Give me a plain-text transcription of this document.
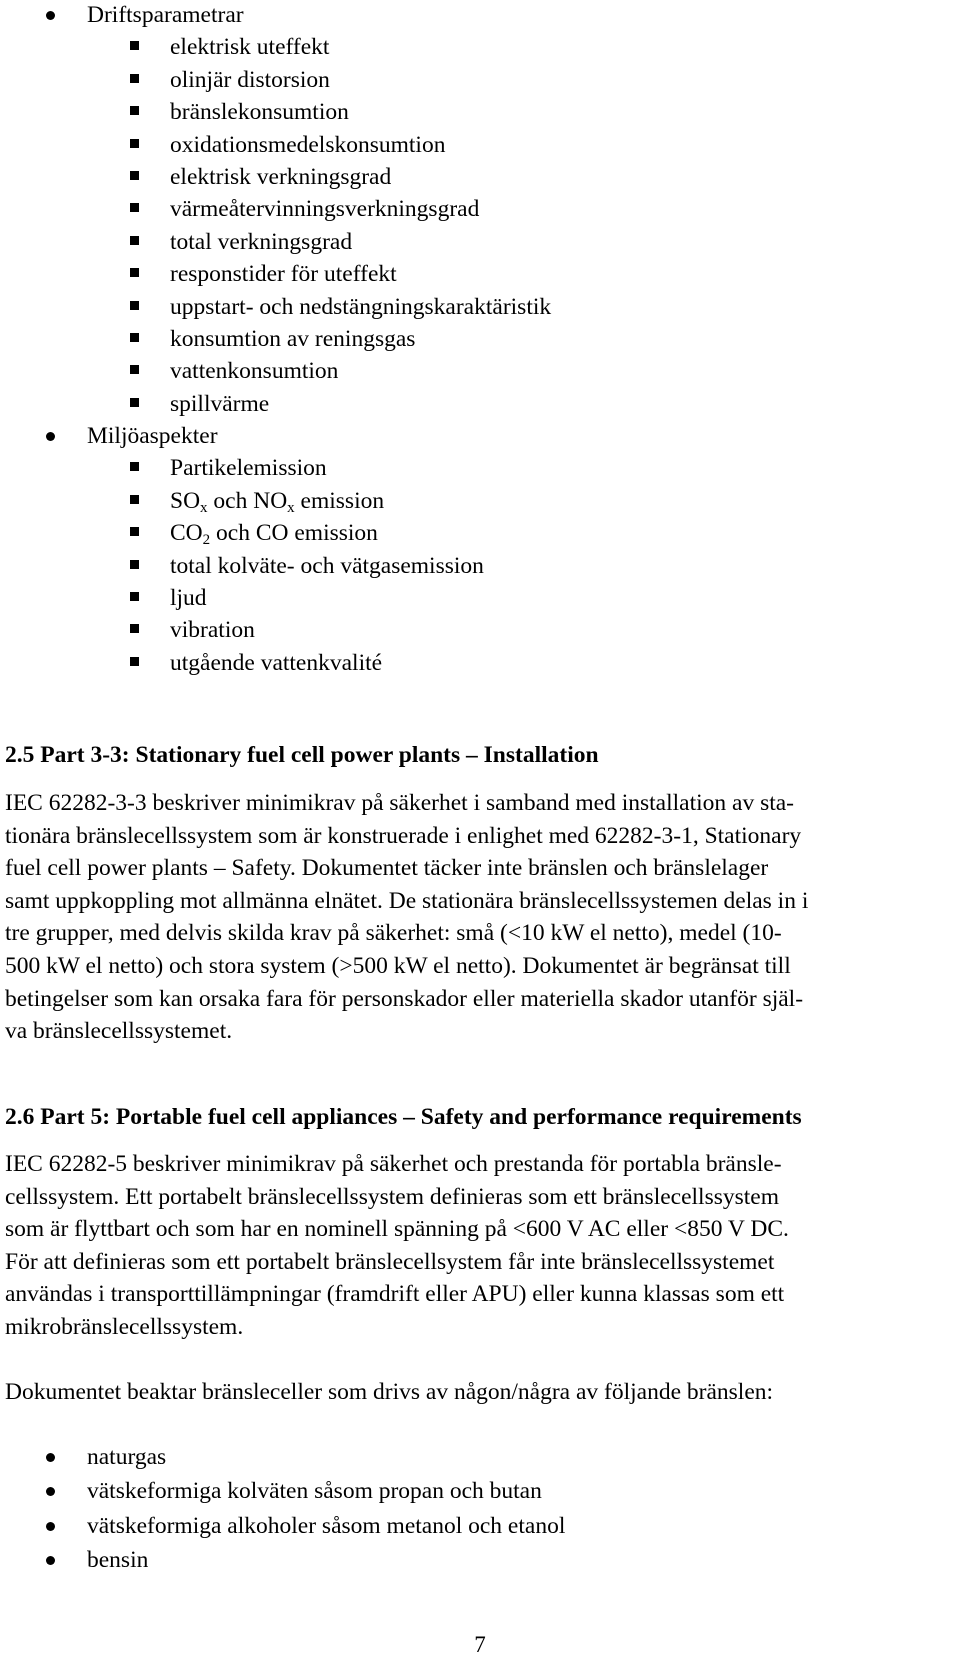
Driftsparametrar
elektrisk uteffekt
olinjär distorsion
bränslekonsumtion
oxidationsmedelskonsumtion
elektrisk verkningsgrad
värmeåtervinningsverkningsgrad
total verkningsgrad
responstider för uteffekt
uppstart- och nedstängningskaraktäristik
konsumtion av reningsgas
vattenkonsumtion
spillvärme
Miljöaspekter
Partikelemission
$SO_x$ och $NO_x$ emission
$CO_2$ och CO emission
total kolväte- och vätgasemission
ljud
vibration
utgående vattenkvalité
2.5 Part 3-3: Stationary fuel cell power plants – Installation
IEC 62282-3-3 beskriver minimikrav på säkerhet i samband med installation av sta-
tionära bränslecellssystem som är konstruerade i enlighet med 62282-3-1, Stationary
fuel cell power plants – Safety. Dokumentet täcker inte bränslen och bränslelager
samt uppkoppling mot allmänna elnätet. De stationära bränslecellssystemen delas in i
tre grupper, med delvis skilda krav på säkerhet: små (<10 kW el netto), medel (10-
500 kW el netto) och stora system (>500 kW el netto). Dokumentet är begränsat till
betingelser som kan orsaka fara för personskador eller materiella skador utanför själ-
va bränslecellssystemet.
2.6 Part 5: Portable fuel cell appliances – Safety and performance requirements
IEC 62282-5 beskriver minimikrav på säkerhet och prestanda för portabla bränsle-
cellssystem. Ett portabelt bränslecellssystem definieras som ett bränslecellssystem
som är flyttbart och som har en nominell spänning på <600 V AC eller <850 V DC.
För att definieras som ett portabelt bränslecellsystem får inte bränslecellssystemet
användas i transporttillämpningar (framdrift eller APU) eller kunna klassas som ett
mikrobränslecellssystem.
Dokumentet beaktar bränsleceller som drivs av någon/några av följande bränslen:
naturgas
vätskeformiga kolväten såsom propan och butan
vätskeformiga alkoholer såsom metanol och etanol
bensin
7
